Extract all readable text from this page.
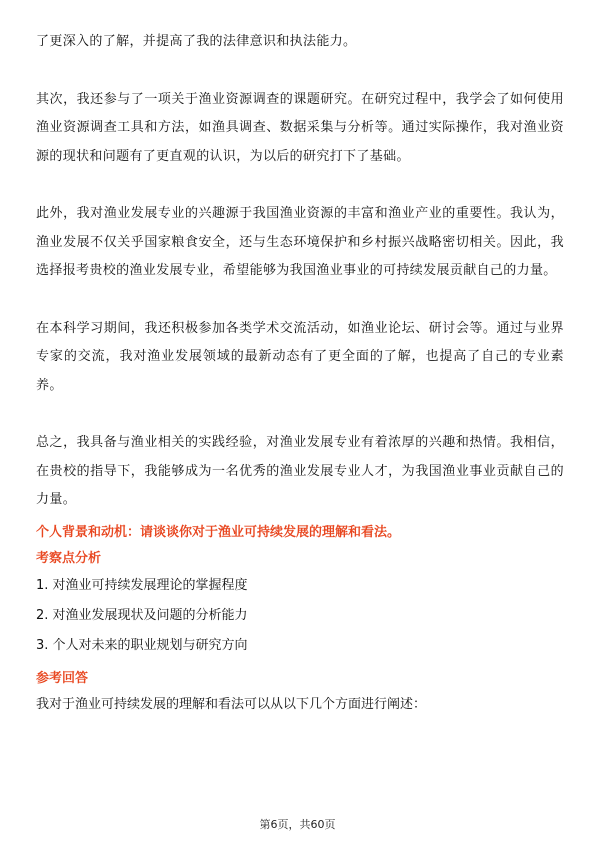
了更深入的了解，并提高了我的法律意识和执法能力。

其次，我还参与了一项关于渔业资源调查的课题研究。在研究过程中，我学会了如何使用渔业资源调查工具和方法，如渔具调查、数据采集与分析等。通过实际操作，我对渔业资源的现状和问题有了更直观的认识，为以后的研究打下了基础。

此外，我对渔业发展专业的兴趣源于我国渔业资源的丰富和渔业产业的重要性。我认为，渔业发展不仅关乎国家粮食安全，还与生态环境保护和乡村振兴战略密切相关。因此，我选择报考贵校的渔业发展专业，希望能够为我国渔业事业的可持续发展贡献自己的力量。

在本科学习期间，我还积极参加各类学术交流活动，如渔业论坛、研讨会等。通过与业界专家的交流，我对渔业发展领域的最新动态有了更全面的了解，也提高了自己的专业素养。

总之，我具备与渔业相关的实践经验，对渔业发展专业有着浓厚的兴趣和热情。我相信，在贵校的指导下，我能够成为一名优秀的渔业发展专业人才，为我国渔业事业贡献自己的力量。

个人背景和动机：请谈谈你对于渔业可持续发展的理解和看法。

考察点分析

1. 对渔业可持续发展理论的掌握程度

2. 对渔业发展现状及问题的分析能力

3. 个人对未来的职业规划与研究方向

参考回答

我对于渔业可持续发展的理解和看法可以从以下几个方面进行阐述：

第6页，共60页
